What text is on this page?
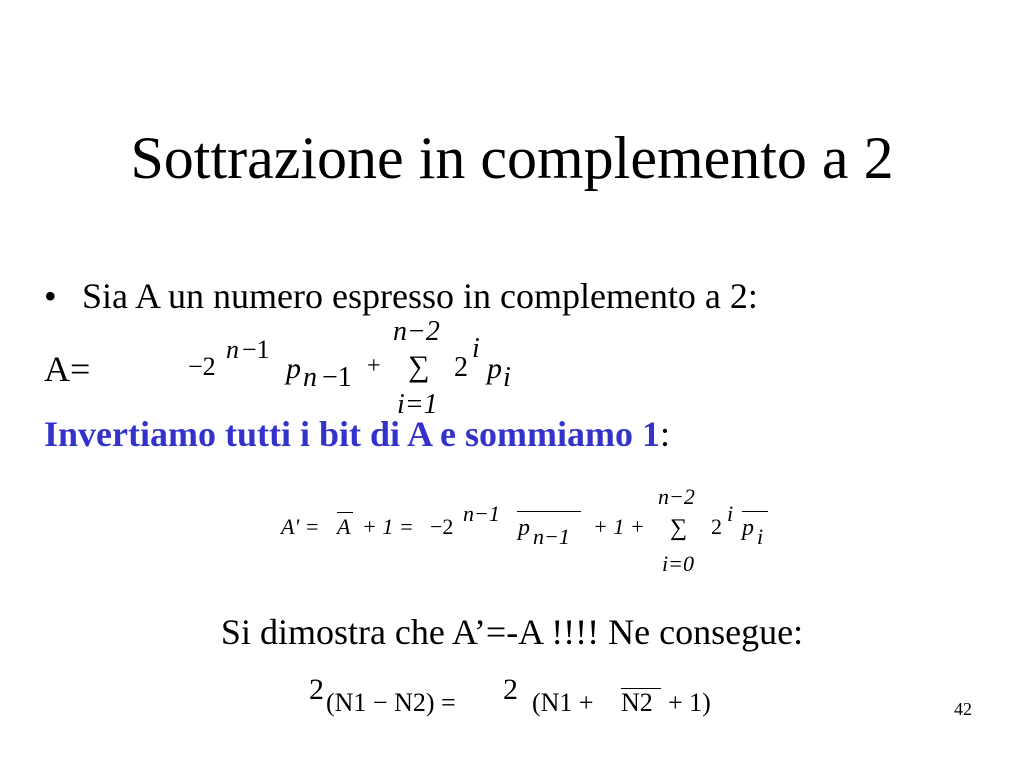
Sottrazione in complemento a 2
• Sia A un numero espresso in complemento a 2:
A=	−2
n −1
p n −1 +
n−2
∑
i=1
2
i
p i
Invertiamo tutti i bit di A e sommiamo 1:
A' = A + 1 = −2
n−1
p n−1 + 1 +
n−2
∑
i=0
2
i
p i
Si dimostra che A’=-A !!!! Ne consegue:
2 (N1 − N2) = 2 (N1 + N2 + 1)	42
